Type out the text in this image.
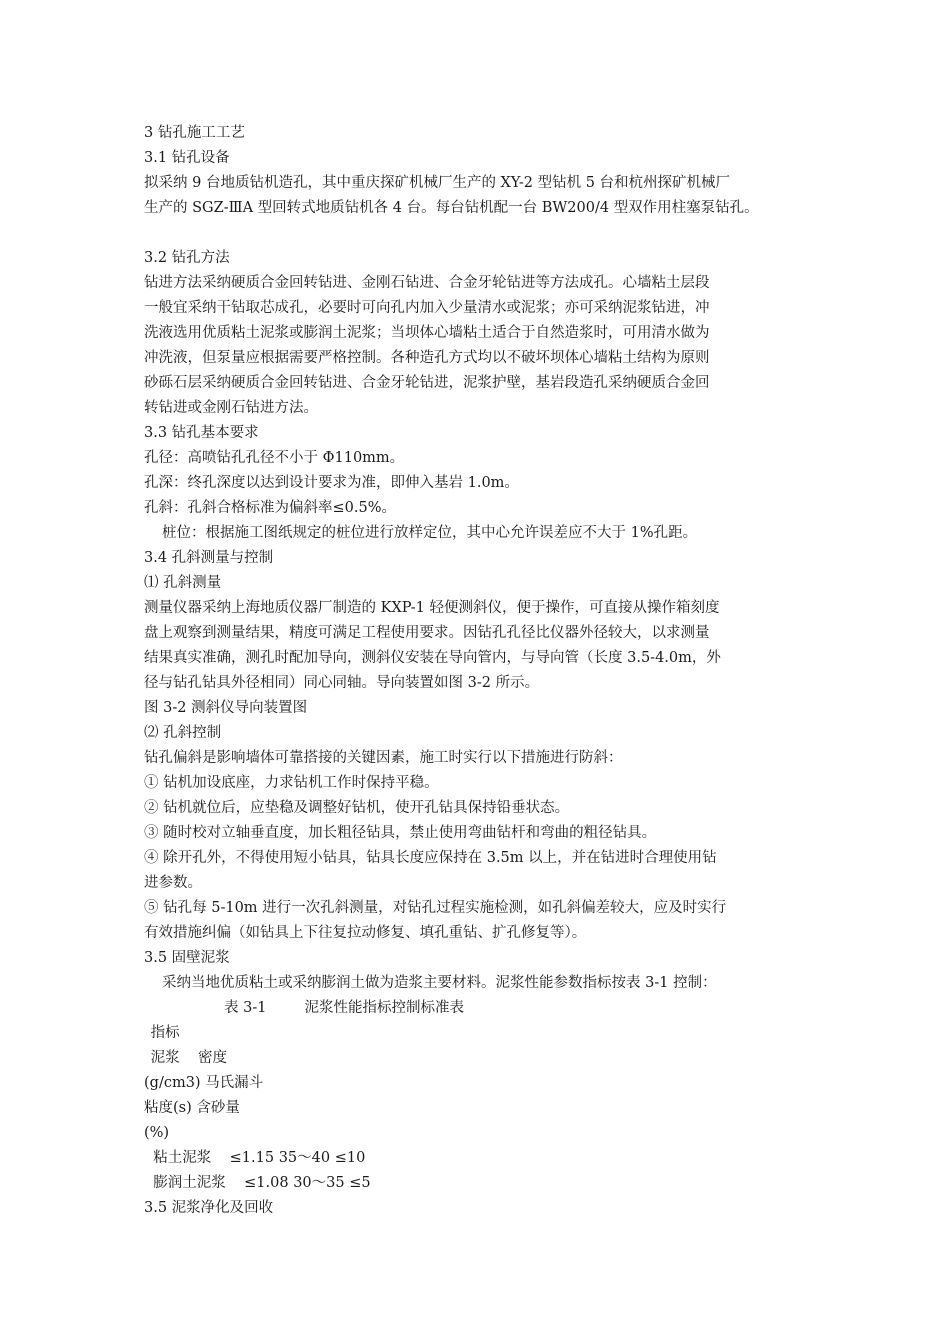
3 钻孔施工工艺
3.1 钻孔设备
拟采纳 9 台地质钻机造孔，其中重庆探矿机械厂生产的 XY-2 型钻机 5 台和杭州探矿机械厂
生产的 SGZ-ⅢA 型回转式地质钻机各 4 台。每台钻机配一台 BW200/4 型双作用柱塞泵钻孔。
3.2 钻孔方法
钻进方法采纳硬质合金回转钻进、金刚石钻进、合金牙轮钻进等方法成孔。心墙粘土层段
一般宜采纳干钻取芯成孔，必要时可向孔内加入少量清水或泥浆；亦可采纳泥浆钻进，冲
洗液选用优质粘土泥浆或膨润土泥浆；当坝体心墙粘土适合于自然造浆时，可用清水做为
冲洗液，但泵量应根据需要严格控制。各种造孔方式均以不破坏坝体心墙粘土结构为原则
砂砾石层采纳硬质合金回转钻进、合金牙轮钻进，泥浆护壁，基岩段造孔采纳硬质合金回
转钻进或金刚石钻进方法。
3.3 钻孔基本要求
孔径：高喷钻孔孔径不小于 Φ110mm。
孔深：终孔深度以达到设计要求为准，即伸入基岩 1.0m。
孔斜：孔斜合格标准为偏斜率≤0.5%。
桩位：根据施工图纸规定的桩位进行放样定位，其中心允许误差应不大于 1%孔距。
3.4 孔斜测量与控制
⑴ 孔斜测量
测量仪器采纳上海地质仪器厂制造的 KXP-1 轻便测斜仪，便于操作，可直接从操作箱刻度
盘上观察到测量结果，精度可满足工程使用要求。因钻孔孔径比仪器外径较大，以求测量
结果真实准确，测孔时配加导向，测斜仪安装在导向管内，与导向管（长度 3.5-4.0m，外
径与钻孔钻具外径相同）同心同轴。导向装置如图 3-2 所示。
图 3-2 测斜仪导向装置图
⑵ 孔斜控制
钻孔偏斜是影响墙体可靠搭接的关键因素，施工时实行以下措施进行防斜：
① 钻机加设底座，力求钻机工作时保持平稳。
② 钻机就位后，应垫稳及调整好钻机，使开孔钻具保持铅垂状态。
③ 随时校对立轴垂直度，加长粗径钻具，禁止使用弯曲钻杆和弯曲的粗径钻具。
④ 除开孔外，不得使用短小钻具，钻具长度应保持在 3.5m 以上，并在钻进时合理使用钻
进参数。
⑤ 钻孔每 5-10m 进行一次孔斜测量，对钻孔过程实施检测，如孔斜偏差较大，应及时实行
有效措施纠偏（如钻具上下往复拉动修复、填孔重钻、扩孔修复等）。
3.5 固壁泥浆
采纳当地优质粘土或采纳膨润土做为造浆主要材料。泥浆性能参数指标按表 3-1 控制：
表 3-1	泥浆性能指标控制标准表
指标
泥浆    密度
(g/cm3) 马氏漏斗
粘度(s) 含砂量
(%)
粘土泥浆    ≤1.15 35～40 ≤10
膨润土泥浆    ≤1.08 30～35 ≤5
3.5 泥浆净化及回收
